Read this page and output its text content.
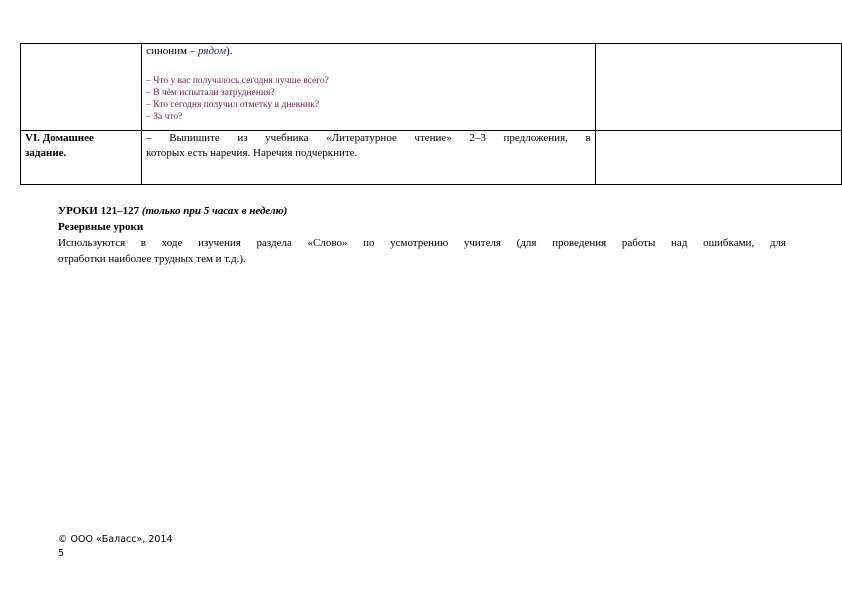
	синоним – рядом).
– Что у вас получалось сегодня лучше всего?
– В чём испытали затруднения?
– Кто сегодня получил отметку в дневник?
– За что?	

VI. Домашнее задание.	– Выпишите из учебника «Литературное чтение» 2–3 предложения, в
которых есть наречия. Наречия подчеркните.	

УРОКИ 121–127 (только при 5 часах в неделю)
Резервные уроки
Используются в ходе изучения раздела «Слово» по усмотрению учителя (для проведения работы над ошибками, для
отработки наиболее трудных тем и т.д.).
© ООО «Баласс», 2014
5
